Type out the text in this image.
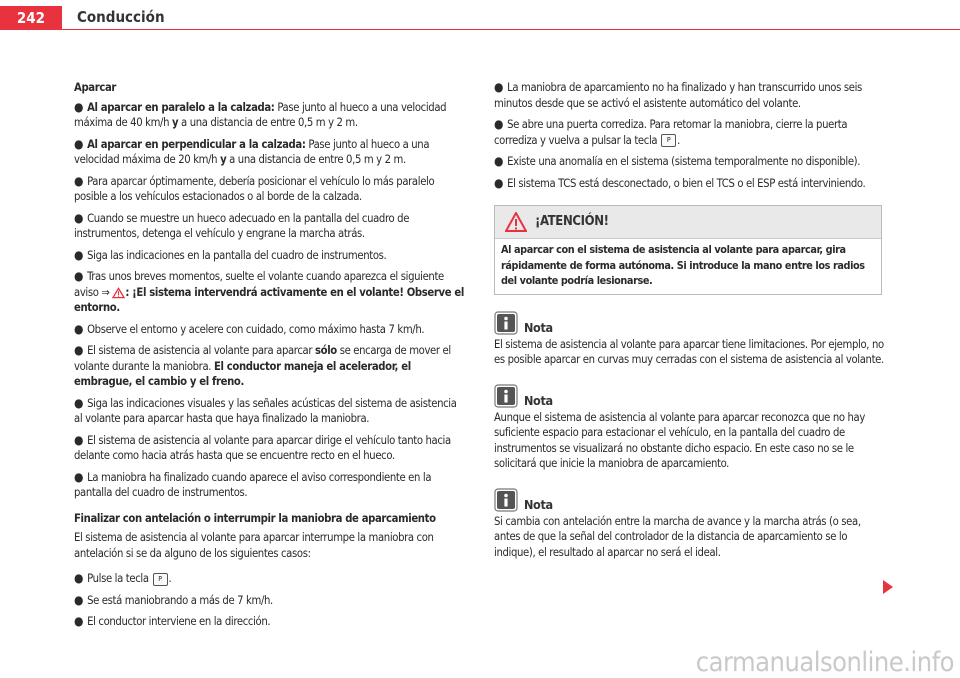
242	Conducción

Aparcar

● Al aparcar en paralelo a la calzada: Pase junto al hueco a una velocidad máxima de 40 km/h y a una distancia de entre 0,5 m y 2 m.

● Al aparcar en perpendicular a la calzada: Pase junto al hueco a una velocidad máxima de 20 km/h y a una distancia de entre 0,5 m y 2 m.

● Para aparcar óptimamente, debería posicionar el vehículo lo más paralelo posible a los vehículos estacionados o al borde de la calzada.

● Cuando se muestre un hueco adecuado en la pantalla del cuadro de instrumentos, detenga el vehículo y engrane la marcha atrás.

● Siga las indicaciones en la pantalla del cuadro de instrumentos.

● Tras unos breves momentos, suelte el volante cuando aparezca el siguiente aviso ⇒ : ¡El sistema intervendrá activamente en el volante! Observe el entorno.

● Observe el entorno y acelere con cuidado, como máximo hasta 7 km/h.

● El sistema de asistencia al volante para aparcar sólo se encarga de mover el volante durante la maniobra. El conductor maneja el acelerador, el embrague, el cambio y el freno.

● Siga las indicaciones visuales y las señales acústicas del sistema de asistencia al volante para aparcar hasta que haya finalizado la maniobra.

● El sistema de asistencia al volante para aparcar dirige el vehículo tanto hacia delante como hacia atrás hasta que se encuentre recto en el hueco.

● La maniobra ha finalizado cuando aparece el aviso correspondiente en la pantalla del cuadro de instrumentos.

Finalizar con antelación o interrumpir la maniobra de aparcamiento

El sistema de asistencia al volante para aparcar interrumpe la maniobra con antelación si se da alguno de los siguientes casos:

● Pulse la tecla P .

● Se está maniobrando a más de 7 km/h.

● El conductor interviene en la dirección.

● La maniobra de aparcamiento no ha finalizado y han transcurrido unos seis minutos desde que se activó el asistente automático del volante.

● Se abre una puerta corrediza. Para retomar la maniobra, cierre la puerta corrediza y vuelva a pulsar la tecla P .

● Existe una anomalía en el sistema (sistema temporalmente no disponible).

● El sistema TCS está desconectado, o bien el TCS o el ESP está interviniendo.

¡ATENCIÓN!
Al aparcar con el sistema de asistencia al volante para aparcar, gira rápidamente de forma autónoma. Si introduce la mano entre los radios del volante podría lesionarse.
Nota

El sistema de asistencia al volante para aparcar tiene limitaciones. Por ejemplo, no es posible aparcar en curvas muy cerradas con el sistema de asistencia al volante.

Nota

Aunque el sistema de asistencia al volante para aparcar reconozca que no hay suficiente espacio para estacionar el vehículo, en la pantalla del cuadro de instrumentos se visualizará no obstante dicho espacio. En este caso no se le solicitará que inicie la maniobra de aparcamiento.

Nota

Si cambia con antelación entre la marcha de avance y la marcha atrás (o sea, antes de que la señal del controlador de la distancia de aparcamiento se lo indique), el resultado al aparcar no será el ideal.

carmanualsonline.info
